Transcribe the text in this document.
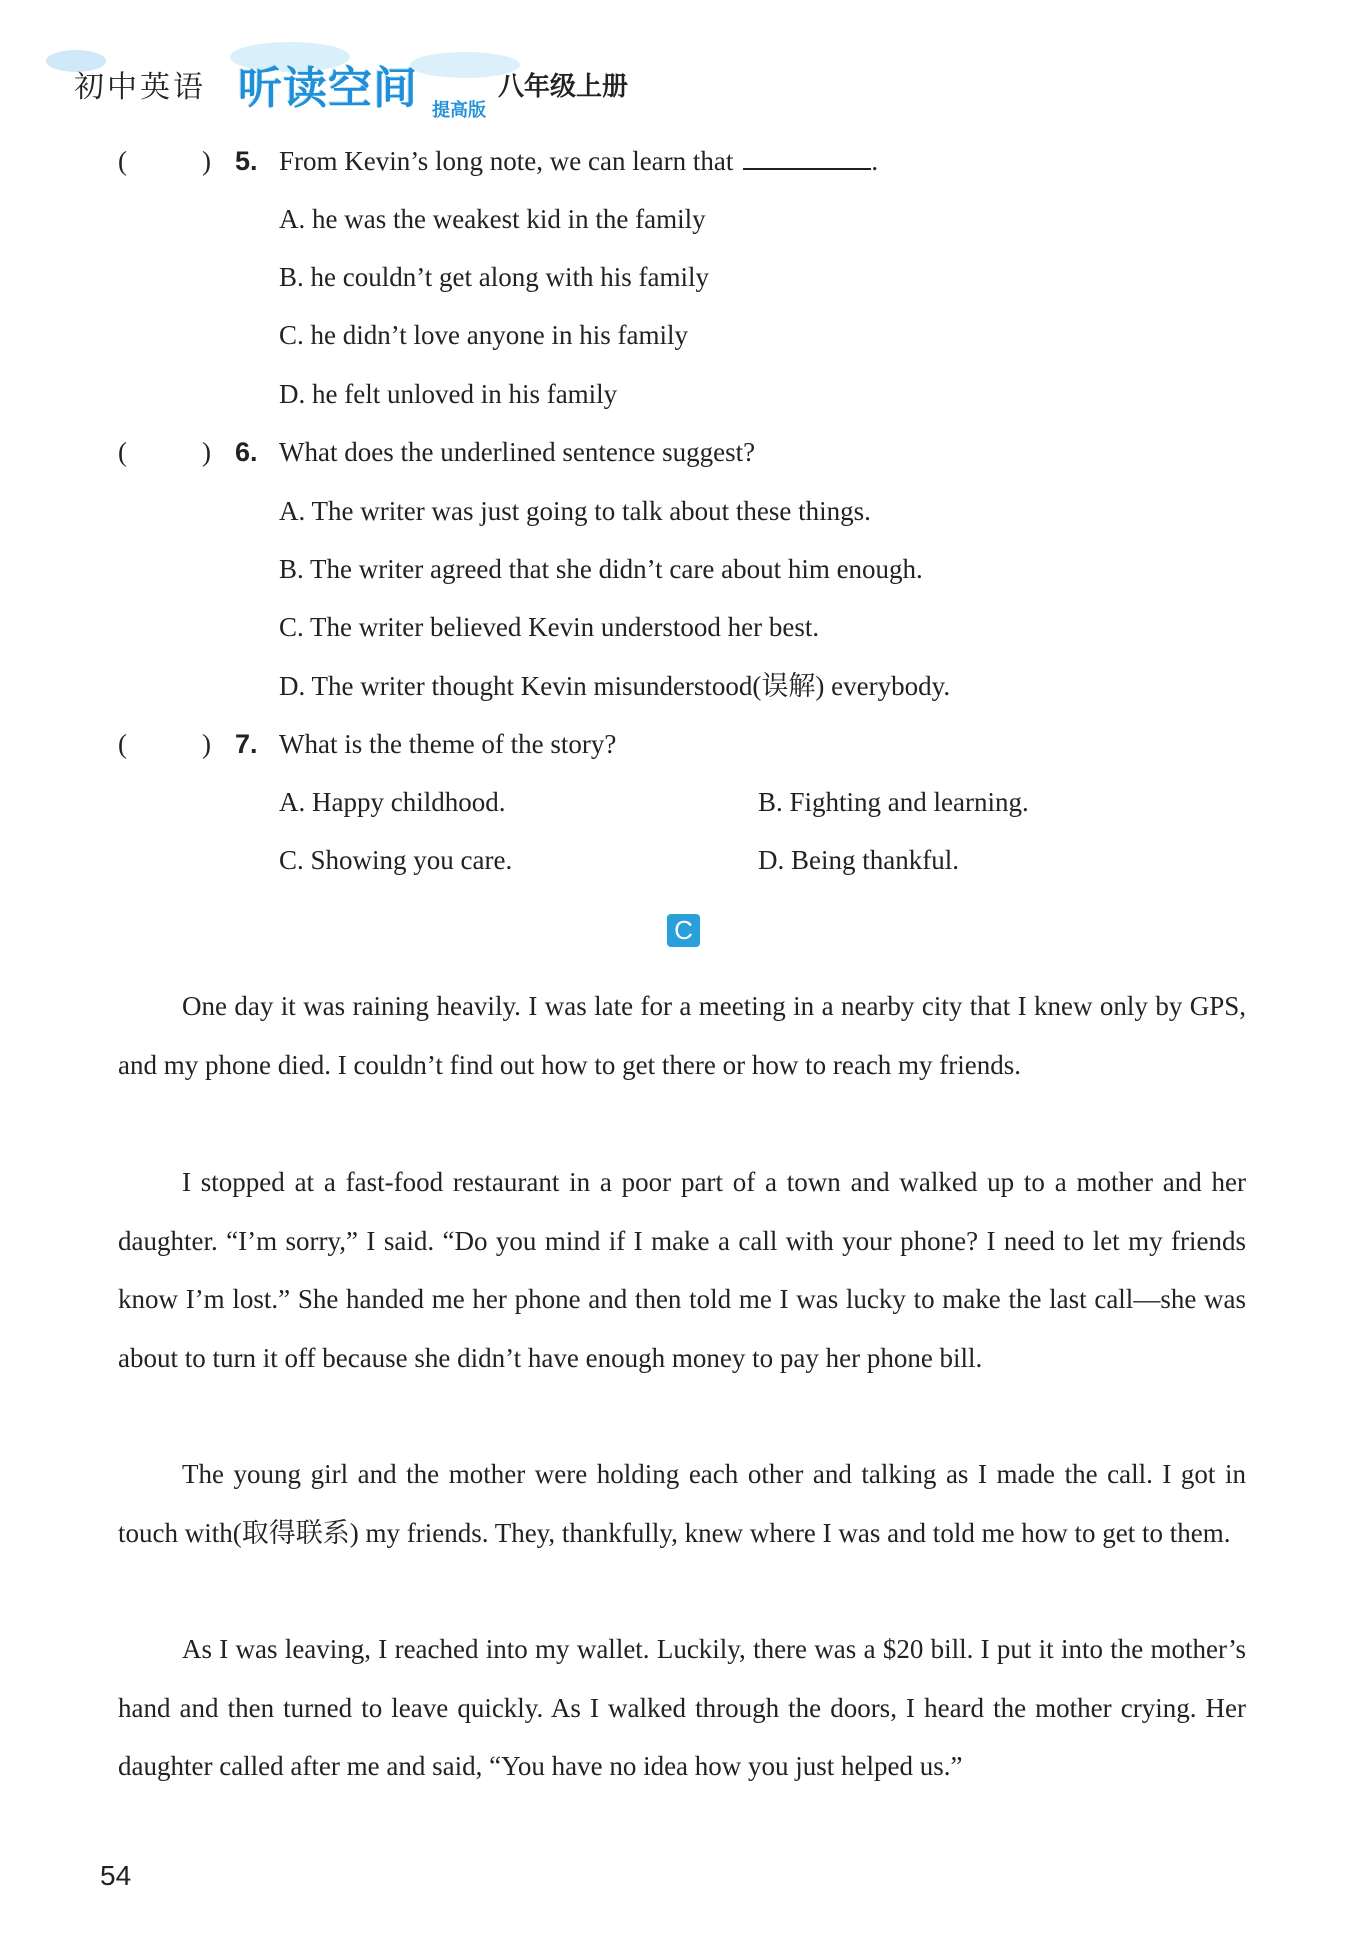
初中英语 听读空间 提高版
八年级上册
(	) 5. From Kevin’s long note, we can learn that	.
A. he was the weakest kid in the family
B. he couldn’t get along with his family
C. he didn’t love anyone in his family
D. he felt unloved in his family
(	) 6. What does the underlined sentence suggest?
A. The writer was just going to talk about these things.
B. The writer agreed that she didn’t care about him enough.
C. The writer believed Kevin understood her best.
D. The writer thought Kevin misunderstood(误解) everybody.
(	) 7. What is the theme of the story?
A. Happy childhood.	B. Fighting and learning.
C. Showing you care.	D. Being thankful.
C
One day it was raining heavily. I was late for a meeting in a nearby city that I knew only by GPS, and my phone died. I couldn’t find out how to get there or how to reach my friends.
I stopped at a fast-food restaurant in a poor part of a town and walked up to a mother and her daughter. “I’m sorry,” I said. “Do you mind if I make a call with your phone? I need to let my friends know I’m lost.” She handed me her phone and then told me I was lucky to make the last call—she was about to turn it off because she didn’t have enough money to pay her phone bill.
The young girl and the mother were holding each other and talking as I made the call. I got in touch with(取得联系) my friends. They, thankfully, knew where I was and told me how to get to them.
As I was leaving, I reached into my wallet. Luckily, there was a $20 bill. I put it into the mother’s hand and then turned to leave quickly. As I walked through the doors, I heard the mother crying. Her daughter called after me and said, “You have no idea how you just helped us.”
54
